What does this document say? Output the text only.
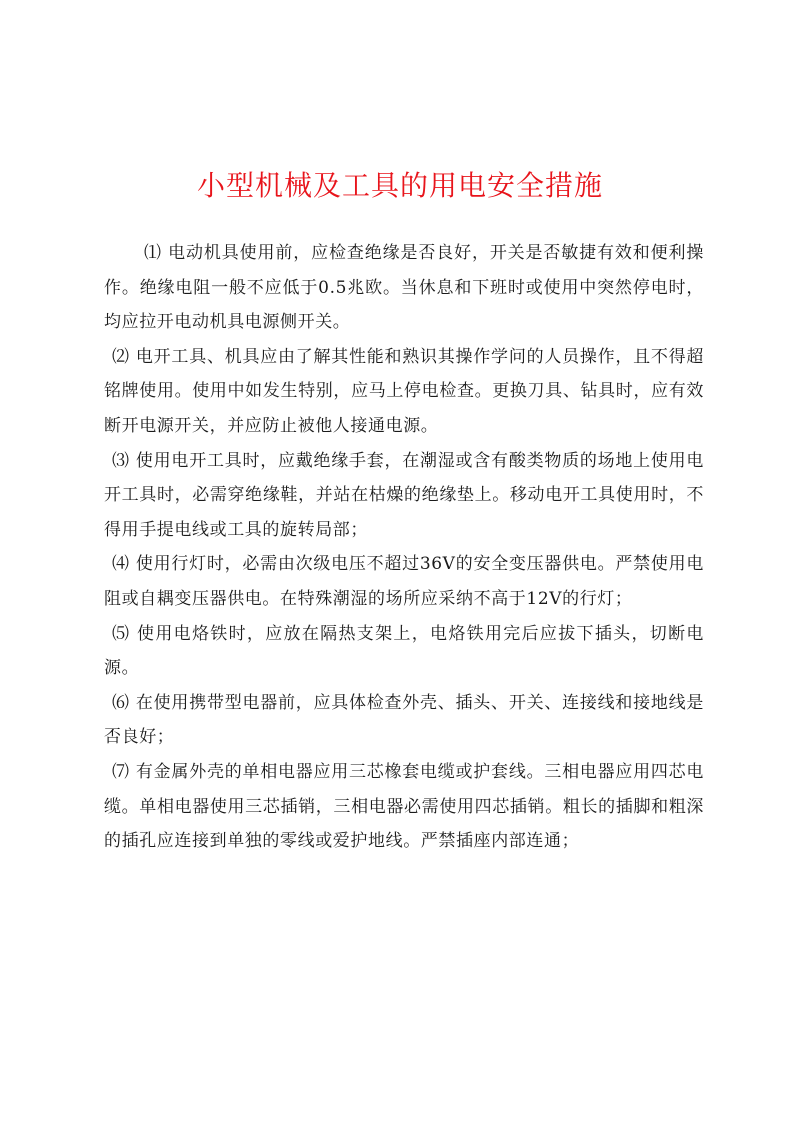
小型机械及工具的用电安全措施

⑴ 电动机具使用前，应检查绝缘是否良好，开关是否敏捷有效和便利操作。绝缘电阻一般不应低于0.5兆欧。当休息和下班时或使用中突然停电时，均应拉开电动机具电源侧开关。

⑵ 电开工具、机具应由了解其性能和熟识其操作学问的人员操作，且不得超铭牌使用。使用中如发生特别，应马上停电检查。更换刀具、钻具时，应有效断开电源开关，并应防止被他人接通电源。

⑶ 使用电开工具时，应戴绝缘手套，在潮湿或含有酸类物质的场地上使用电开工具时，必需穿绝缘鞋，并站在枯燥的绝缘垫上。移动电开工具使用时，不得用手提电线或工具的旋转局部；

⑷ 使用行灯时，必需由次级电压不超过36V的安全变压器供电。严禁使用电阻或自耦变压器供电。在特殊潮湿的场所应采纳不高于12V的行灯；

⑸ 使用电烙铁时，应放在隔热支架上，电烙铁用完后应拔下插头，切断电源。

⑹ 在使用携带型电器前，应具体检查外壳、插头、开关、连接线和接地线是否良好；

⑺ 有金属外壳的单相电器应用三芯橡套电缆或护套线。三相电器应用四芯电缆。单相电器使用三芯插销，三相电器必需使用四芯插销。粗长的插脚和粗深的插孔应连接到单独的零线或爱护地线。严禁插座内部连通；
